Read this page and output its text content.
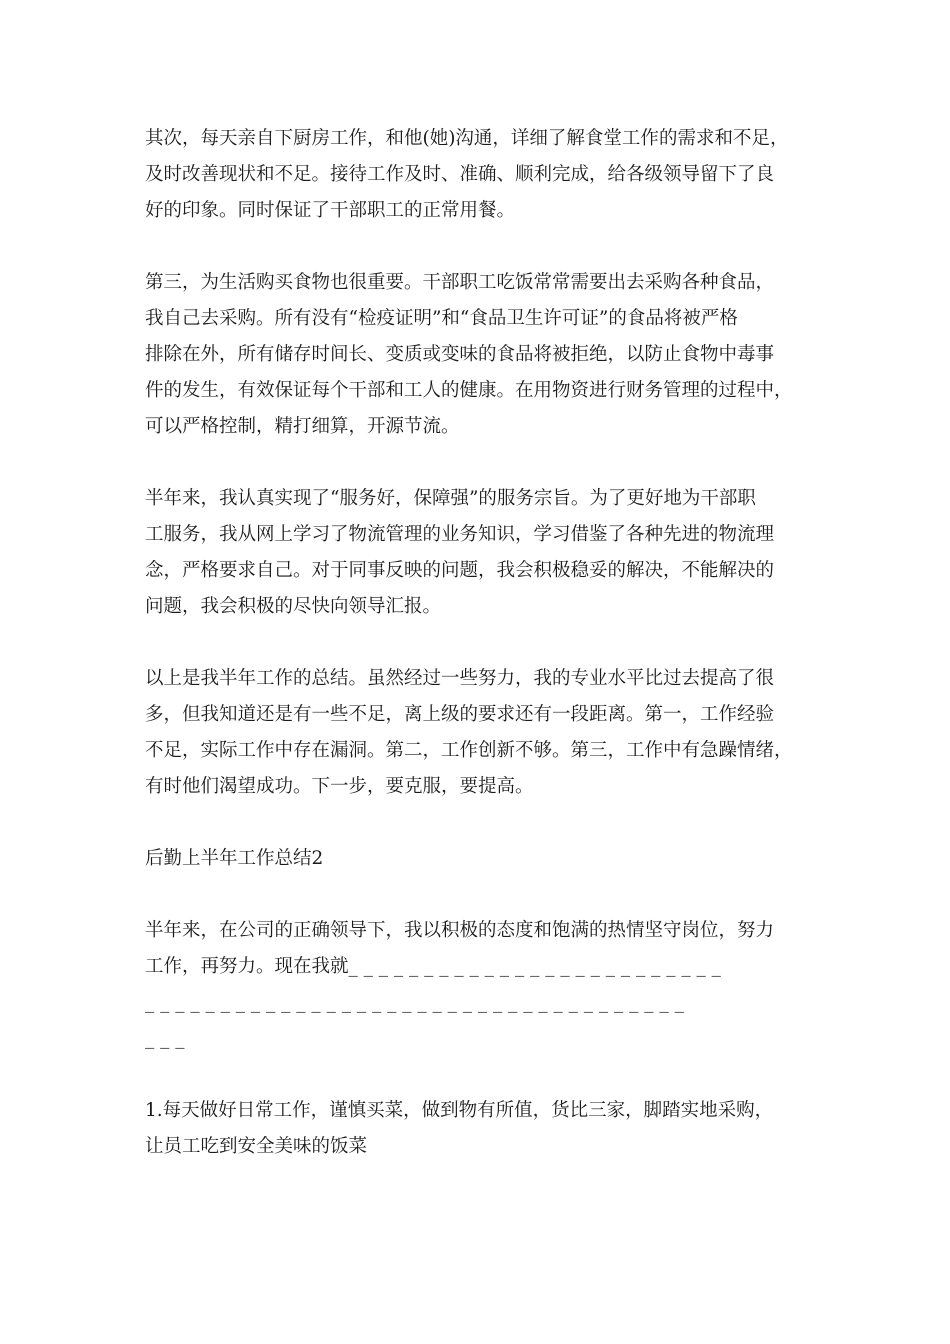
其次，每天亲自下厨房工作，和他(她)沟通，详细了解食堂工作的需求和不足，
及时改善现状和不足。接待工作及时、准确、顺利完成，给各级领导留下了良
好的印象。同时保证了干部职工的正常用餐。

第三，为生活购买食物也很重要。干部职工吃饭常常需要出去采购各种食品，
我自己去采购。所有没有“检疫证明”和“食品卫生许可证”的食品将被严格
排除在外，所有储存时间长、变质或变味的食品将被拒绝，以防止食物中毒事
件的发生，有效保证每个干部和工人的健康。在用物资进行财务管理的过程中，
可以严格控制，精打细算，开源节流。

半年来，我认真实现了“服务好，保障强”的服务宗旨。为了更好地为干部职
工服务，我从网上学习了物流管理的业务知识，学习借鉴了各种先进的物流理
念，严格要求自己。对于同事反映的问题，我会积极稳妥的解决，不能解决的
问题，我会积极的尽快向领导汇报。

以上是我半年工作的总结。虽然经过一些努力，我的专业水平比过去提高了很
多，但我知道还是有一些不足，离上级的要求还有一段距离。第一，工作经验
不足，实际工作中存在漏洞。第二，工作创新不够。第三，工作中有急躁情绪，
有时他们渴望成功。下一步，要克服，要提高。

后勤上半年工作总结2

半年来，在公司的正确领导下，我以积极的态度和饱满的热情坚守岗位，努力
工作，再努力。现在我就_ _ _ _ _ _ _ _ _ _ _ _ _ _ _ _ _ _ _ _ _ _ _ _ _
_ _ _ _ _ _ _ _ _ _ _ _ _ _ _ _ _ _ _ _ _ _ _ _ _ _ _ _ _ _ _ _ _ _ _ _
_ _ _

1.每天做好日常工作，谨慎买菜，做到物有所值，货比三家，脚踏实地采购，
让员工吃到安全美味的饭菜
